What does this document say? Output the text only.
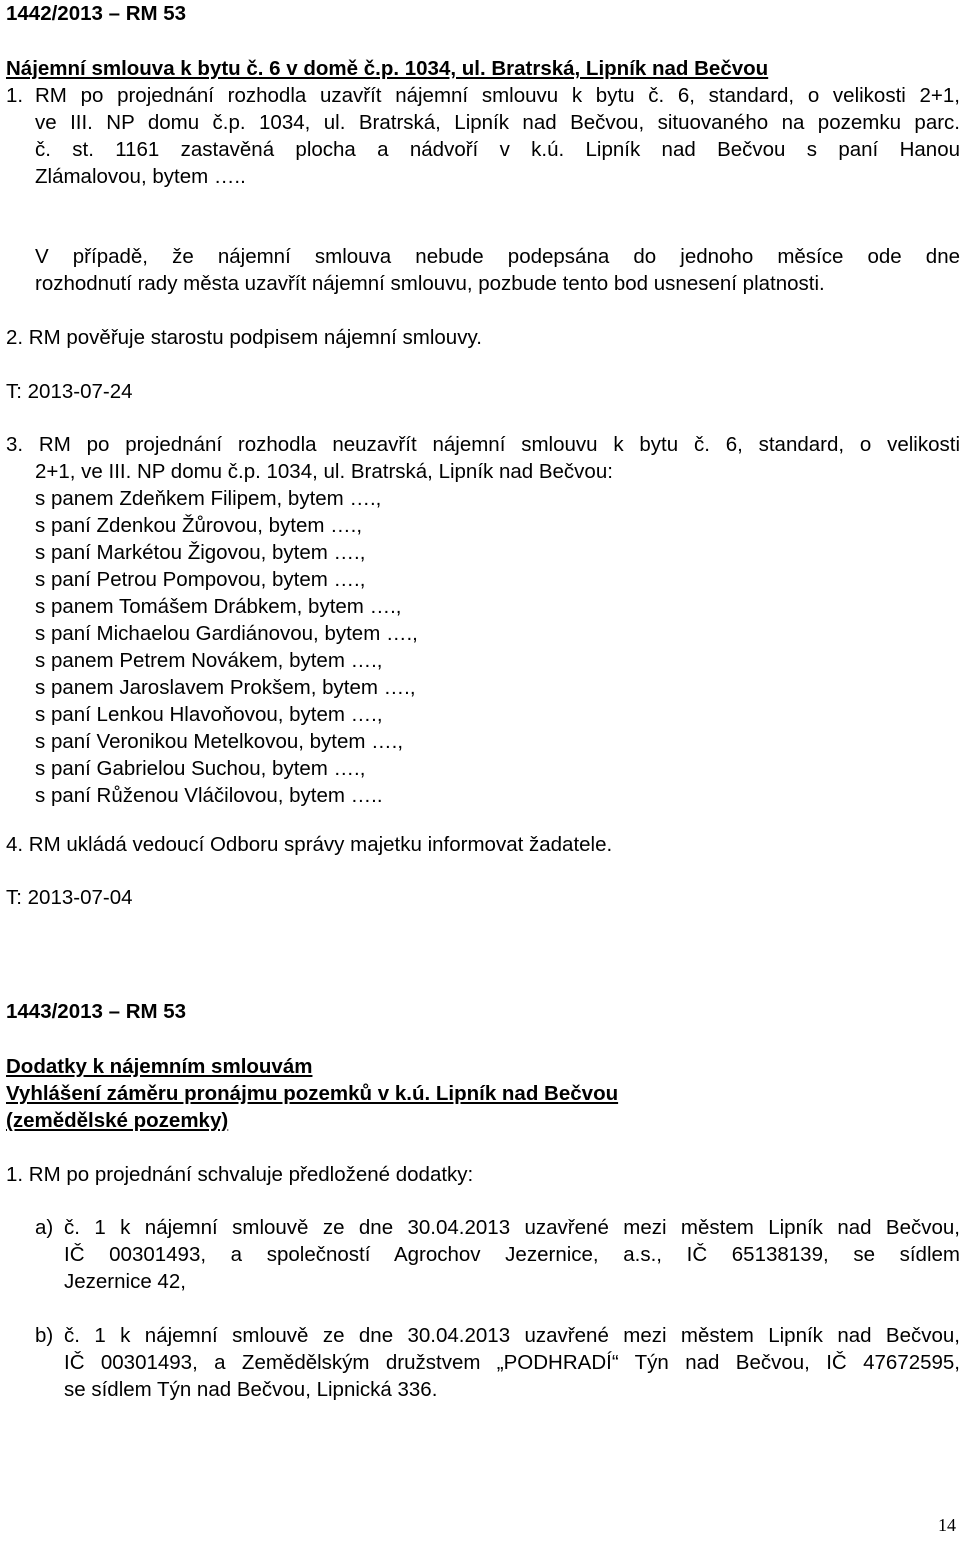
1442/2013 – RM 53
Nájemní smlouva k bytu č. 6 v domě č.p. 1034, ul. Bratrská, Lipník nad Bečvou
1. RM po projednání rozhodla uzavřít nájemní smlouvu k bytu č. 6, standard, o velikosti 2+1,
ve III. NP domu č.p. 1034, ul. Bratrská, Lipník nad Bečvou, situovaného na pozemku parc.
č. st. 1161 zastavěná plocha a nádvoří v k.ú. Lipník nad Bečvou s paní Hanou
Zlámalovou, bytem …..
V případě, že nájemní smlouva nebude podepsána do jednoho měsíce ode dne
rozhodnutí rady města uzavřít nájemní smlouvu, pozbude tento bod usnesení platnosti.
2. RM pověřuje starostu podpisem nájemní smlouvy.
T: 2013-07-24
3. RM po projednání rozhodla neuzavřít nájemní smlouvu k bytu č. 6, standard, o velikosti
2+1, ve III. NP domu č.p. 1034, ul. Bratrská, Lipník nad Bečvou:
s panem Zdeňkem Filipem, bytem ….,
s paní Zdenkou Žůrovou, bytem ….,
s paní Markétou Žigovou, bytem ….,
s paní Petrou Pompovou, bytem ….,
s panem Tomášem Drábkem, bytem ….,
s paní Michaelou Gardiánovou, bytem ….,
s panem Petrem Novákem, bytem ….,
s panem Jaroslavem Prokšem, bytem ….,
s paní Lenkou Hlavoňovou, bytem ….,
s paní Veronikou Metelkovou, bytem ….,
s paní Gabrielou Suchou, bytem ….,
s paní Růženou Vláčilovou, bytem …..
4. RM ukládá vedoucí Odboru správy majetku informovat žadatele.
T: 2013-07-04
1443/2013 – RM 53
Dodatky k nájemním smlouvám
Vyhlášení záměru pronájmu pozemků v k.ú. Lipník nad Bečvou
(zemědělské pozemky)
1. RM po projednání schvaluje předložené dodatky:
a) č. 1 k nájemní smlouvě ze dne 30.04.2013 uzavřené mezi městem Lipník nad Bečvou,
IČ 00301493, a společností Agrochov Jezernice, a.s., IČ 65138139, se sídlem
Jezernice 42,
b) č. 1 k nájemní smlouvě ze dne 30.04.2013 uzavřené mezi městem Lipník nad Bečvou,
IČ 00301493, a Zemědělským družstvem „PODHRADÍ“ Týn nad Bečvou, IČ 47672595,
se sídlem Týn nad Bečvou, Lipnická 336.
14
